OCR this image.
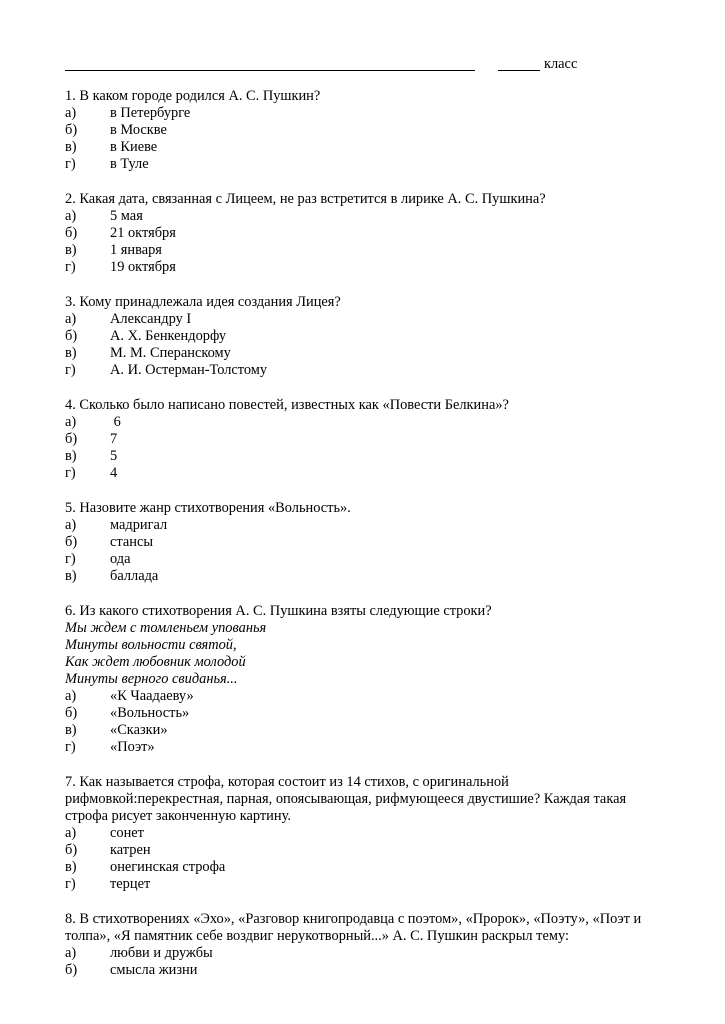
класс

1. В каком городе родился А. С. Пушкин?

а)	в Петербурге
б)	в Москве
в)	в Киеве
г)	в Туле

2. Какая дата, связанная с Лицеем, не раз встретится в лирике А. С. Пушкина?

а)	5 мая
б)	21 октября
в)	1 января
г)	19 октября

3. Кому принадлежала идея создания Лицея?

а)	Александру I
б)	А. Х. Бенкендорфу
в)	М. М. Сперанскому
г)	А. И. Остерман-Толстому

4. Сколько было написано повестей, известных как «Повести Белкина»?

а)	6
б)	7
в)	5
г)	4

5. Назовите жанр стихотворения «Вольность».

а)	мадригал
б)	стансы
г)	ода
в)	баллада

6. Из какого стихотворения А. С. Пушкина взяты следующие строки?

Мы ждем с томленьем упованья

Минуты вольности святой,

Как ждет любовник молодой

Минуты верного свиданья...

а)	«К Чаадаеву»
б)	«Вольность»
в)	«Сказки»
г)	«Поэт»

7. Как называется строфа, которая состоит из 14 стихов, с оригинальной рифмовкой:перекрестная, парная, опоясывающая, рифмующееся двустишие? Каждая такая строфа рисует законченную картину.

а)	сонет
б)	катрен
в)	онегинская строфа
г)	терцет

8. В стихотворениях «Эхо», «Разговор книгопродавца с поэтом», «Пророк», «Поэту», «Поэт и толпа», «Я памятник себе воздвиг нерукотворный...» А. С. Пушкин раскрыл тему:

а)	любви и дружбы
б)	смысла жизни
